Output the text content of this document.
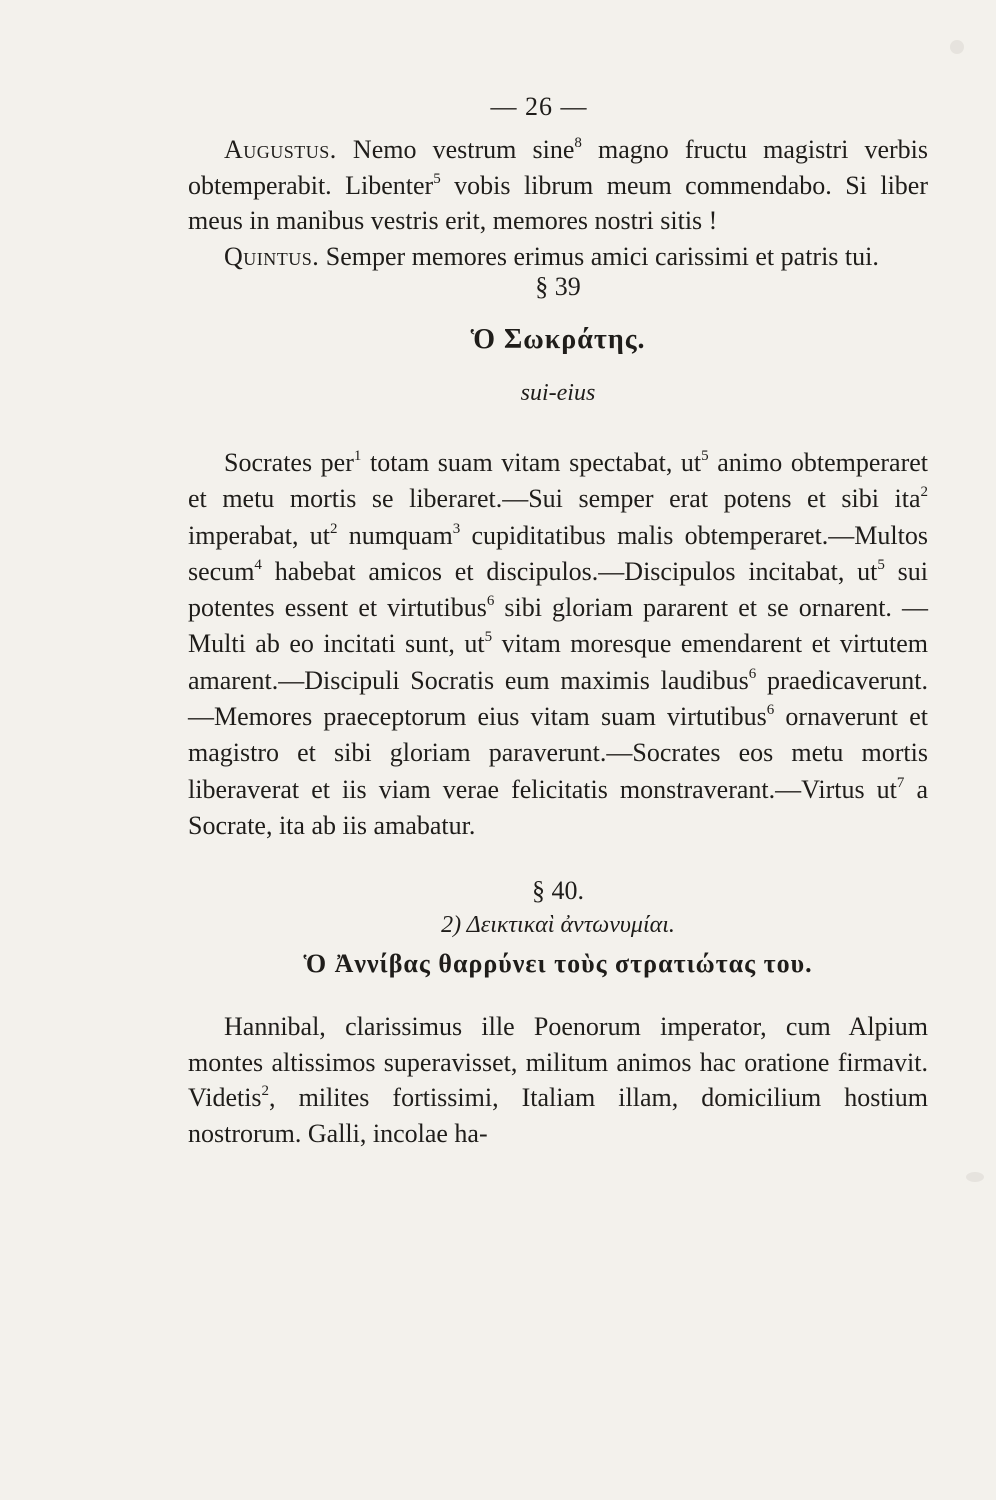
— 26 —

Augustus. Nemo vestrum sine$^8$ magno fructu magistri verbis obtemperabit. Libenter$^5$ vobis librum meum commendabo. Si liber meus in manibus vestris erit, memores nostri sitis !

Quintus. Semper memores erimus amici carissimi et patris tui.

§ 39
Ὁ Σωκράτης.
sui-eius

Socrates per$^1$ totam suam vitam spectabat, $ut^5$ animo obtemperaret et metu mortis se liberaret.—Sui semper erat potens et sibi ita$^2$ imperabat, $ut^2$ numquam$^3$ cupiditatibus malis obtemperaret.—Multos secum$^4$ habebat amicos et discipulos.—Discipulos incitabat, $ut^5$ sui potentes essent et virtutibus$^6$ sibi gloriam pararent et se ornarent. —Multi ab eo incitati sunt, $ut^5$ vitam moresque emendarent et virtutem amarent.—Discipuli Socratis eum maximis laudibus$^6$ praedicaverunt.—Memores praeceptorum eius vitam suam virtutibus$^6$ ornaverunt et magistro et sibi gloriam paraverunt.—Socrates eos metu mortis liberaverat et iis viam verae felicitatis monstraverant.—Virtus $ut^7$ a Socrate, ita ab iis amabatur.

§ 40.
2) Δεικτικαὶ ἀντωνυμίαι.
Ὁ Ἀννίβας θαρρύνει τοὺς στρατιώτας του.

Hannibal, clarissimus ille Poenorum imperator, cum Alpium montes altissimos superavisset, militum animos hac oratione firmavit. Videtis$^2$, milites fortissimi, Italiam illam, domicilium hostium nostrorum. Galli, incolae ha-
